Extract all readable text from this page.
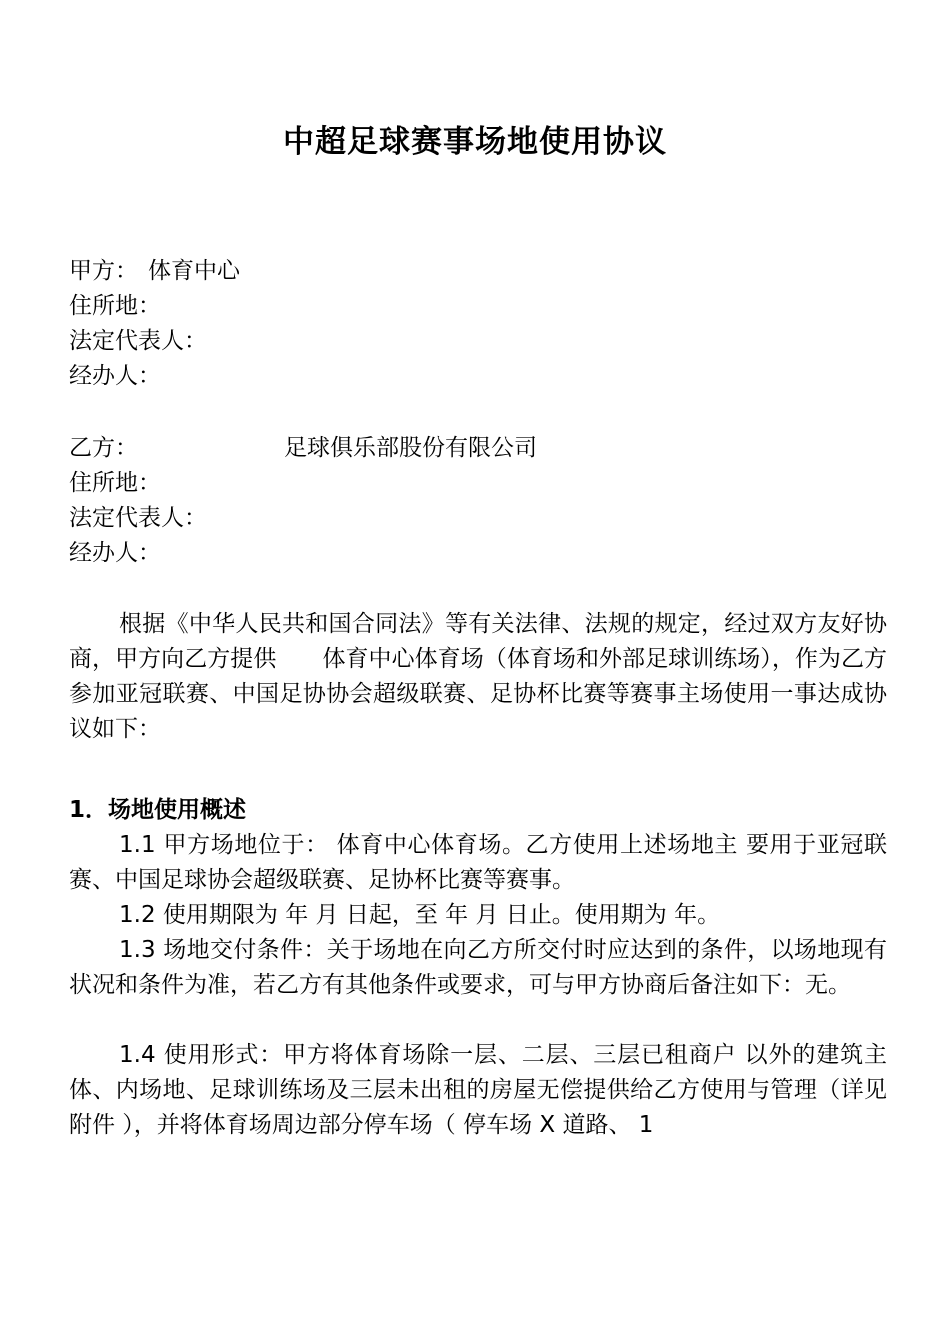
中超足球赛事场地使用协议
甲方： 体育中心
住所地：
法定代表人：
经办人：
乙方：	足球俱乐部股份有限公司
住所地：
法定代表人：
经办人：

根据《中华人民共和国合同法》等有关法律、法规的规定，经过双方友好协商，甲方向乙方提供　　体育中心体育场（体育场和外部足球训练场），作为乙方参加亚冠联赛、中国足协协会超级联赛、足协杯比赛等赛事主场使用一事达成协议如下：

1．场地使用概述

1.1 甲方场地位于： 体育中心体育场。乙方使用上述场地主 要用于亚冠联赛、中国足球协会超级联赛、足协杯比赛等赛事。

1.2 使用期限为 年 月 日起，至 年 月 日止。使用期为 年。

1.3 场地交付条件：关于场地在向乙方所交付时应达到的条件，以场地现有状况和条件为准，若乙方有其他条件或要求，可与甲方协商后备注如下：无。

1.4 使用形式：甲方将体育场除一层、二层、三层已租商户 以外的建筑主体、内场地、足球训练场及三层未出租的房屋无偿提供给乙方使用与管理（详见附件 ），并将体育场周边部分停车场（ 停车场 X 道路、 1
